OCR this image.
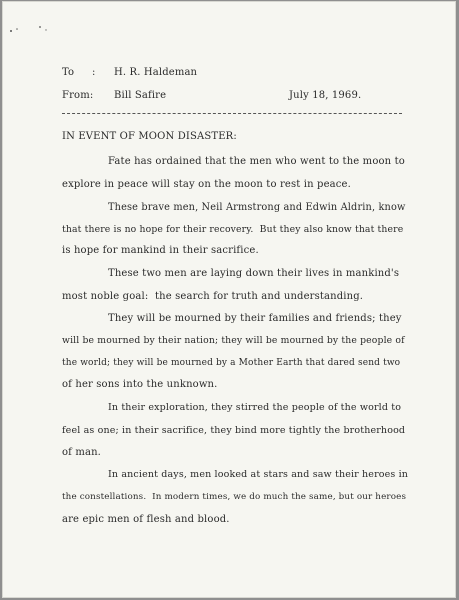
To : H. R. Haldeman
From: Bill Safire	July 18, 1969.
IN EVENT OF MOON DISASTER:
Fate has ordained that the men who went to the moon to
explore in peace will stay on the moon to rest in peace.
These brave men, Neil Armstrong and Edwin Aldrin, know
that there is no hope for their recovery.  But they also know that there
is hope for mankind in their sacrifice.
These two men are laying down their lives in mankind's
most noble goal:  the search for truth and understanding.
They will be mourned by their families and friends; they
will be mourned by their nation; they will be mourned by the people of
the world; they will be mourned by a Mother Earth that dared send two
of her sons into the unknown.
In their exploration, they stirred the people of the world to
feel as one; in their sacrifice, they bind more tightly the brotherhood
of man.
In ancient days, men looked at stars and saw their heroes in
the constellations.  In modern times, we do much the same, but our heroes
are epic men of flesh and blood.
